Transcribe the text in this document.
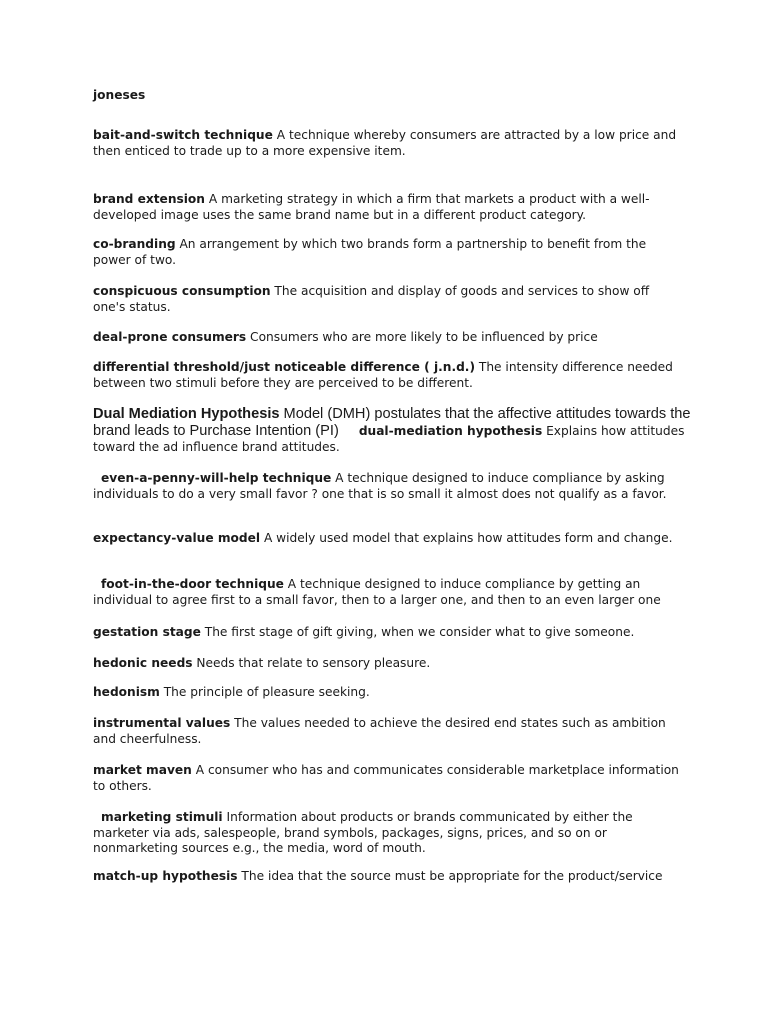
joneses

bait-and-switch technique A technique whereby consumers are attracted by a low price and then enticed to trade up to a more expensive item.

brand extension A marketing strategy in which a firm that markets a product with a well-developed image uses the same brand name but in a different product category.

co-branding An arrangement by which two brands form a partnership to benefit from the power of two.

conspicuous consumption The acquisition and display of goods and services to show off one's status.

deal-prone consumers Consumers who are more likely to be influenced by price

differential threshold/just noticeable difference ( j.n.d.) The intensity difference needed between two stimuli before they are perceived to be different.

Dual Mediation Hypothesis Model (DMH) postulates that the affective attitudes towards the brand leads to Purchase Intention (PI) dual-mediation hypothesis Explains how attitudes toward the ad influence brand attitudes.

even-a-penny-will-help technique A technique designed to induce compliance by asking individuals to do a very small favor ? one that is so small it almost does not qualify as a favor.

expectancy-value model A widely used model that explains how attitudes form and change.

foot-in-the-door technique A technique designed to induce compliance by getting an individual to agree first to a small favor, then to a larger one, and then to an even larger one

gestation stage The first stage of gift giving, when we consider what to give someone.

hedonic needs Needs that relate to sensory pleasure.

hedonism The principle of pleasure seeking.

instrumental values The values needed to achieve the desired end states such as ambition and cheerfulness.

market maven A consumer who has and communicates considerable marketplace information to others.

marketing stimuli Information about products or brands communicated by either the marketer via ads, salespeople, brand symbols, packages, signs, prices, and so on or nonmarketing sources e.g., the media, word of mouth.

match-up hypothesis The idea that the source must be appropriate for the product/service
